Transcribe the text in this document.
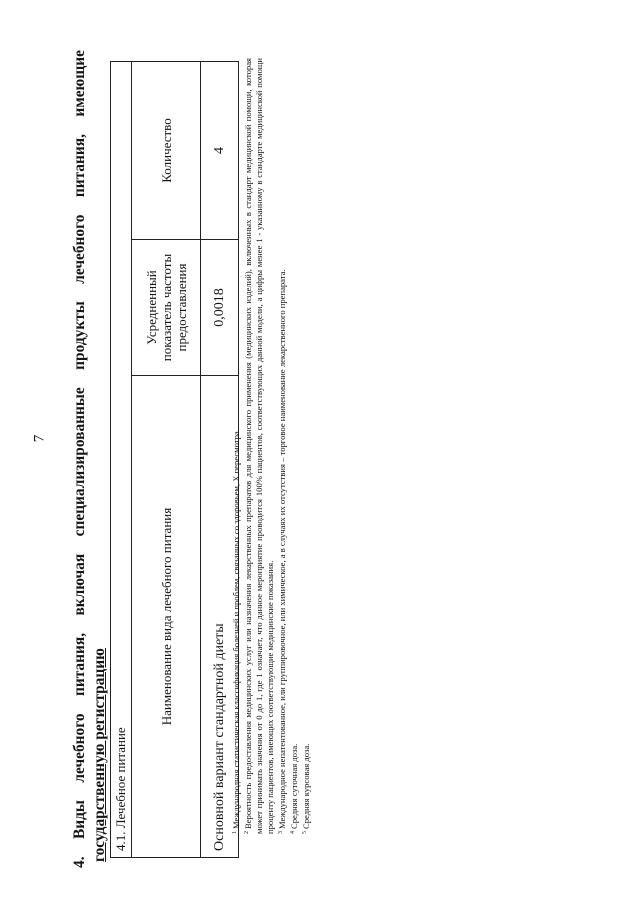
7
4. Виды лечебного питания, включая специализированные продукты лечебного питания, имеющие
государственную регистрацию 4.1. Лечебное питание		
Наименование вида лечебного питания	Усредненный показатель частоты предоставления	Количество
Основной вариант стандартной диеты	0,0018	4

$^1$Международная статистическая классификация болезней и проблем, связанных со здоровьем, X пересмотра.

$^2$Вероятность предоставления медицинских услуг или назначения лекарственных препаратов для медицинского применения (медицинских изделий), включенных в стандарт медицинской помощи, которая может принимать значения от 0 до 1, где 1 означает, что данное мероприятие проводится 100% пациентов, соответствующих данной модели, а цифры менее 1 - указанному в стандарте медицинской помощи проценту пациентов, имеющих соответствующие медицинские показания. $^3$Международное непатентованное, или группировочное, или химическое, а в случаях их отсутствия – торговое наименование лекарственного препарата.

$^4$Средняя суточная доза.

$^5$Средняя курсовая доза.
